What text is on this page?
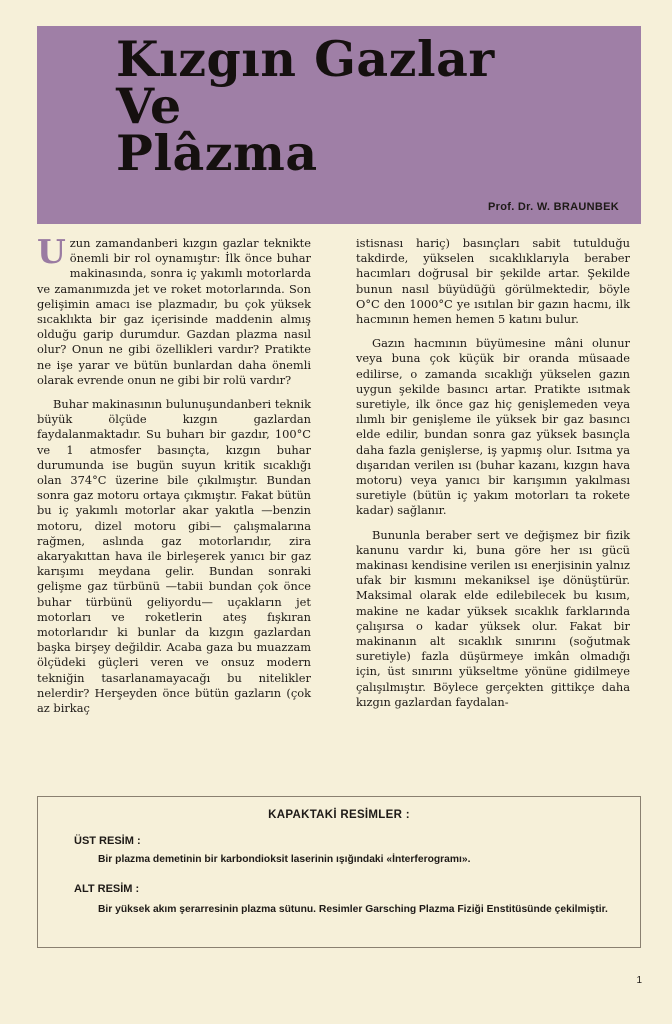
Kızgın Gazlar
Ve
Plâzma
Prof. Dr. W. BRAUNBEK

Uzun zamandanberi kızgın gazlar teknikte önemli bir rol oynamıştır: İlk önce buhar makinasında, sonra iç yakımlı motorlarda ve zamanımızda jet ve roket motorlarında. Son gelişimin amacı ise plazmadır, bu çok yüksek sıcaklıkta bir gaz içerisinde maddenin almış olduğu garip durumdur. Gazdan plazma nasıl olur? Onun ne gibi özellikleri vardır? Pratikte ne işe yarar ve bütün bunlardan daha önemli olarak evrende onun ne gibi bir rolü vardır?

Buhar makinasının bulunuşundanberi teknik büyük ölçüde kızgın gazlardan faydalanmaktadır. Su buharı bir gazdır, 100°C ve 1 atmosfer basınçta, kızgın buhar durumunda ise bugün suyun kritik sıcaklığı olan 374°C üzerine bile çıkılmıştır. Bundan sonra gaz motoru ortaya çıkmıştır. Fakat bütün bu iç yakımlı motorlar akar yakıtla —benzin motoru, dizel motoru gibi— çalışmalarına rağmen, aslında gaz motorlarıdır, zira akaryakıttan hava ile birleşerek yanıcı bir gaz karışımı meydana gelir. Bundan sonraki gelişme gaz türbünü —tabii bundan çok önce buhar türbünü geliyordu— uçakların jet motorları ve roketlerin ateş fışkıran motorlarıdır ki bunlar da kızgın gazlardan başka birşey değildir. Acaba gaza bu muazzam ölçüdeki güçleri veren ve onsuz modern tekniğin tasarlanamayacağı bu nitelikler nelerdir? Herşeyden önce bütün gazların (çok az birkaç

istisnası hariç) basınçları sabit tutulduğu takdirde, yükselen sıcaklıklarıyla beraber hacımları doğrusal bir şekilde artar. Şekilde bunun nasıl büyüdüğü görülmektedir, böyle O°C den 1000°C ye ısıtılan bir gazın hacmı, ilk hacmının hemen hemen 5 katını bulur.

Gazın hacmının büyümesine mâni olunur veya buna çok küçük bir oranda müsaade edilirse, o zamanda sıcaklığı yükselen gazın uygun şekilde basıncı artar. Pratikte ısıtmak suretiyle, ilk önce gaz hiç genişlemeden veya ılımlı bir genişleme ile yüksek bir gaz basıncı elde edilir, bundan sonra gaz yüksek basınçla daha fazla genişlerse, iş yapmış olur. Isıtma ya dışarıdan verilen ısı (buhar kazanı, kızgın hava motoru) veya yanıcı bir karışımın yakılması suretiyle (bütün iç yakım motorları ta rokete kadar) sağlanır.

Bununla beraber sert ve değişmez bir fizik kanunu vardır ki, buna göre her ısı gücü makinası kendisine verilen ısı enerjisinin yalnız ufak bir kısmını mekaniksel işe dönüştürür. Maksimal olarak elde edilebilecek bu kısım, makine ne kadar yüksek sıcaklık farklarında çalışırsa o kadar yüksek olur. Fakat bir makinanın alt sıcaklık sınırını (soğutmak suretiyle) fazla düşürmeye imkân olmadığı için, üst sınırını yükseltme yönüne gidilmeye çalışılmıştır. Böylece gerçekten gittikçe daha kızgın gazlardan faydalan-

KAPAKTAKİ RESİMLER :
ÜST RESİM :
Bir plazma demetinin bir karbondioksit laserinin ışığındaki «İnterferogramı».
ALT RESİM :
Bir yüksek akım şerarresinin plazma sütunu. Resimler Garsching Plazma Fiziği Enstitüsünde çekilmiştir.
1
